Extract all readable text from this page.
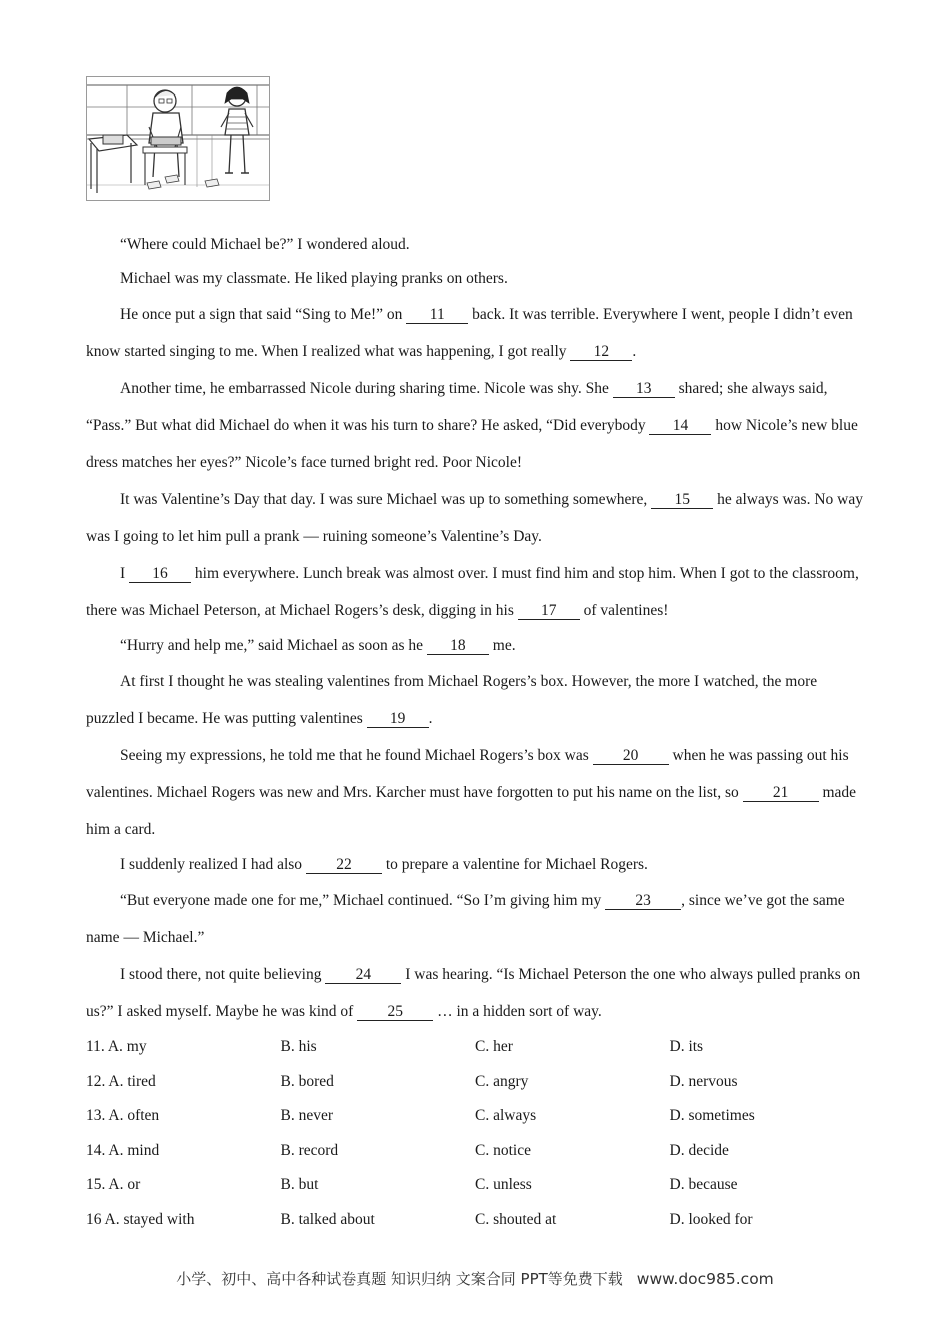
“Where could Michael be?” I wondered aloud.

Michael was my classmate. He liked playing pranks on others.

He once put a sign that said “Sing to Me!” on 11 back. It was terrible. Everywhere I went, people I didn’t even know started singing to me. When I realized what was happening, I got really 12 .

Another time, he embarrassed Nicole during sharing time. Nicole was shy. She 13 shared; she always said, “Pass.” But what did Michael do when it was his turn to share? He asked, “Did everybody 14 how Nicole’s new blue dress matches her eyes?” Nicole’s face turned bright red. Poor Nicole!

It was Valentine’s Day that day. I was sure Michael was up to something somewhere, 15 he always was. No way was I going to let him pull a prank — ruining someone’s Valentine’s Day.

I 16 him everywhere. Lunch break was almost over. I must find him and stop him. When I got to the classroom, there was Michael Peterson, at Michael Rogers’s desk, digging in his 17 of valentines!

“Hurry and help me,” said Michael as soon as he 18 me.

At first I thought he was stealing valentines from Michael Rogers’s box. However, the more I watched, the more puzzled I became. He was putting valentines 19 .

Seeing my expressions, he told me that he found Michael Rogers’s box was 20 when he was passing out his valentines. Michael Rogers was new and Mrs. Karcher must have forgotten to put his name on the list, so 21 made him a card.

I suddenly realized I had also 22 to prepare a valentine for Michael Rogers.

“But everyone made one for me,” Michael continued. “So I’m giving him my 23 , since we’ve got the same name — Michael.”

I stood there, not quite believing 24 I was hearing. “Is Michael Peterson the one who always pulled pranks on us?” I asked myself. Maybe he was kind of 25 … in a hidden sort of way.

11. A. my	B. his	C. her	D. its
12. A. tired	B. bored	C. angry	D. nervous
13. A. often	B. never	C. always	D. sometimes
14. A. mind	B. record	C. notice	D. decide
15. A. or	B. but	C. unless	D. because
16 A. stayed with	B. talked about	C. shouted at	D. looked for
小学、初中、高中各种试卷真题 知识归纳 文案合同 PPT等免费下载 www.doc985.com
